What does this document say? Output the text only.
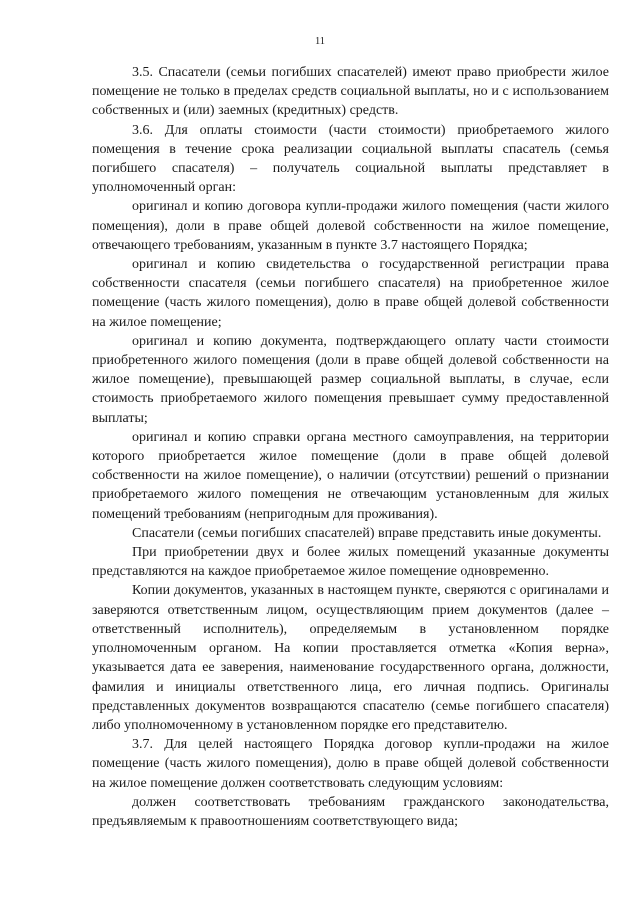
11

3.5. Спасатели (семьи погибших спасателей) имеют право приобрести жилое помещение не только в пределах средств социальной выплаты, но и с использованием собственных и (или) заемных (кредитных) средств.

3.6. Для оплаты стоимости (части стоимости) приобретаемого жилого помещения в течение срока реализации социальной выплаты спасатель (семья погибшего спасателя) – получатель социальной выплаты представляет в уполномоченный орган:

оригинал и копию договора купли-продажи жилого помещения (части жилого помещения), доли в праве общей долевой собственности на жилое помещение, отвечающего требованиям, указанным в пункте 3.7 настоящего Порядка;

оригинал и копию свидетельства о государственной регистрации права собственности спасателя (семьи погибшего спасателя) на приобретенное жилое помещение (часть жилого помещения), долю в праве общей долевой собственности на жилое помещение;

оригинал и копию документа, подтверждающего оплату части стоимости приобретенного жилого помещения (доли в праве общей долевой собственности на жилое помещение), превышающей размер социальной выплаты, в случае, если стоимость приобретаемого жилого помещения превышает сумму предоставленной выплаты;

оригинал и копию справки органа местного самоуправления, на территории которого приобретается жилое помещение (доли в праве общей долевой собственности на жилое помещение), о наличии (отсутствии) решений о признании приобретаемого жилого помещения не отвечающим установленным для жилых помещений требованиям (непригодным для проживания).

Спасатели (семьи погибших спасателей) вправе представить иные документы.

При приобретении двух и более жилых помещений указанные документы представляются на каждое приобретаемое жилое помещение одновременно.

Копии документов, указанных в настоящем пункте, сверяются с оригиналами и заверяются ответственным лицом, осуществляющим прием документов (далее – ответственный исполнитель), определяемым в установленном порядке уполномоченным органом. На копии проставляется отметка «Копия верна», указывается дата ее заверения, наименование государственного органа, должности, фамилия и инициалы ответственного лица, его личная подпись. Оригиналы представленных документов возвращаются спасателю (семье погибшего спасателя) либо уполномоченному в установленном порядке его представителю.

3.7. Для целей настоящего Порядка договор купли-продажи на жилое помещение (часть жилого помещения), долю в праве общей долевой собственности на жилое помещение должен соответствовать следующим условиям:

должен соответствовать требованиям гражданского законодательства, предъявляемым к правоотношениям соответствующего вида;
